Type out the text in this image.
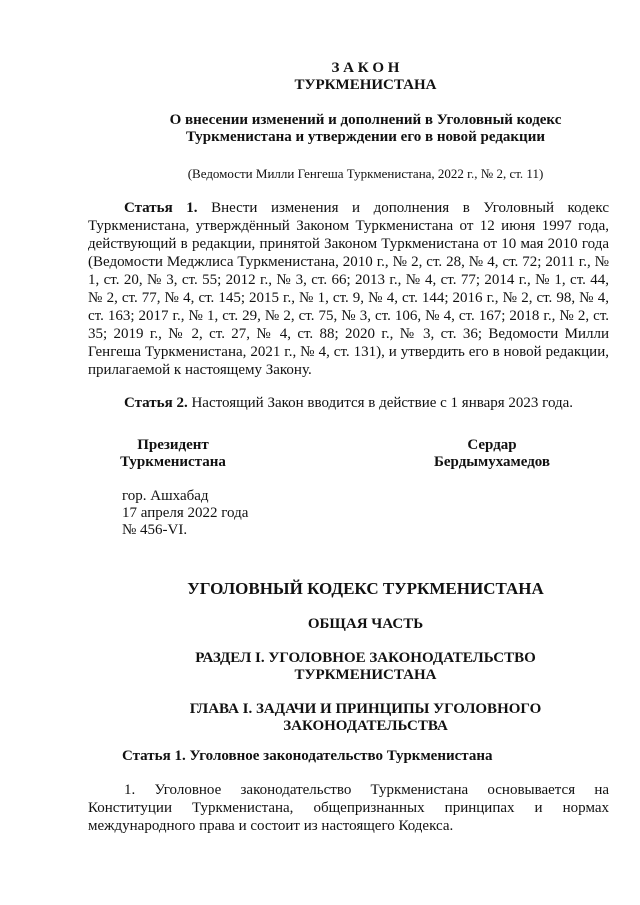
З А К О Н
ТУРКМЕНИСТАНА
О внесении изменений и дополнений в Уголовный кодекс
Туркменистана и утверждении его в новой редакции
(Ведомости Милли Генгеша Туркменистана, 2022 г., № 2, ст. 11)

Статья 1. Внести изменения и дополнения в Уголовный кодекс Туркменистана, утверждённый Законом Туркменистана от 12 июня 1997 года, действующий в редакции, принятой Законом Туркменистана от 10 мая 2010 года (Ведомости Меджлиса Туркменистана, 2010 г., № 2, ст. 28, № 4, ст. 72; 2011 г., № 1, ст. 20, № 3, ст. 55; 2012 г., № 3, ст. 66; 2013 г., № 4, ст. 77; 2014 г., № 1, ст. 44, № 2, ст. 77, № 4, ст. 145; 2015 г., № 1, ст. 9, № 4, ст. 144; 2016 г., № 2, ст. 98, № 4, ст. 163; 2017 г., № 1, ст. 29, № 2, ст. 75, № 3, ст. 106, № 4, ст. 167; 2018 г., № 2, ст. 35; 2019 г., № 2, ст. 27, № 4, ст. 88; 2020 г., № 3, ст. 36; Ведомости Милли Генгеша Туркменистана, 2021 г., № 4, ст. 131), и утвердить его в новой редакции, прилагаемой к настоящему Закону.

Статья 2. Настоящий Закон вводится в действие с 1 января 2023 года.

Президент
Туркменистана
Сердар
Бердымухамедов
гор. Ашхабад
17 апреля 2022 года
№ 456-VI.
УГОЛОВНЫЙ КОДЕКС ТУРКМЕНИСТАНА
ОБЩАЯ ЧАСТЬ
РАЗДЕЛ I. УГОЛОВНОЕ ЗАКОНОДАТЕЛЬСТВО
ТУРКМЕНИСТАНА
ГЛАВА I. ЗАДАЧИ И ПРИНЦИПЫ УГОЛОВНОГО
ЗАКОНОДАТЕЛЬСТВА
Статья 1. Уголовное законодательство Туркменистана

1. Уголовное законодательство Туркменистана основывается на Конституции Туркменистана, общепризнанных принципах и нормах международного права и состоит из настоящего Кодекса.
